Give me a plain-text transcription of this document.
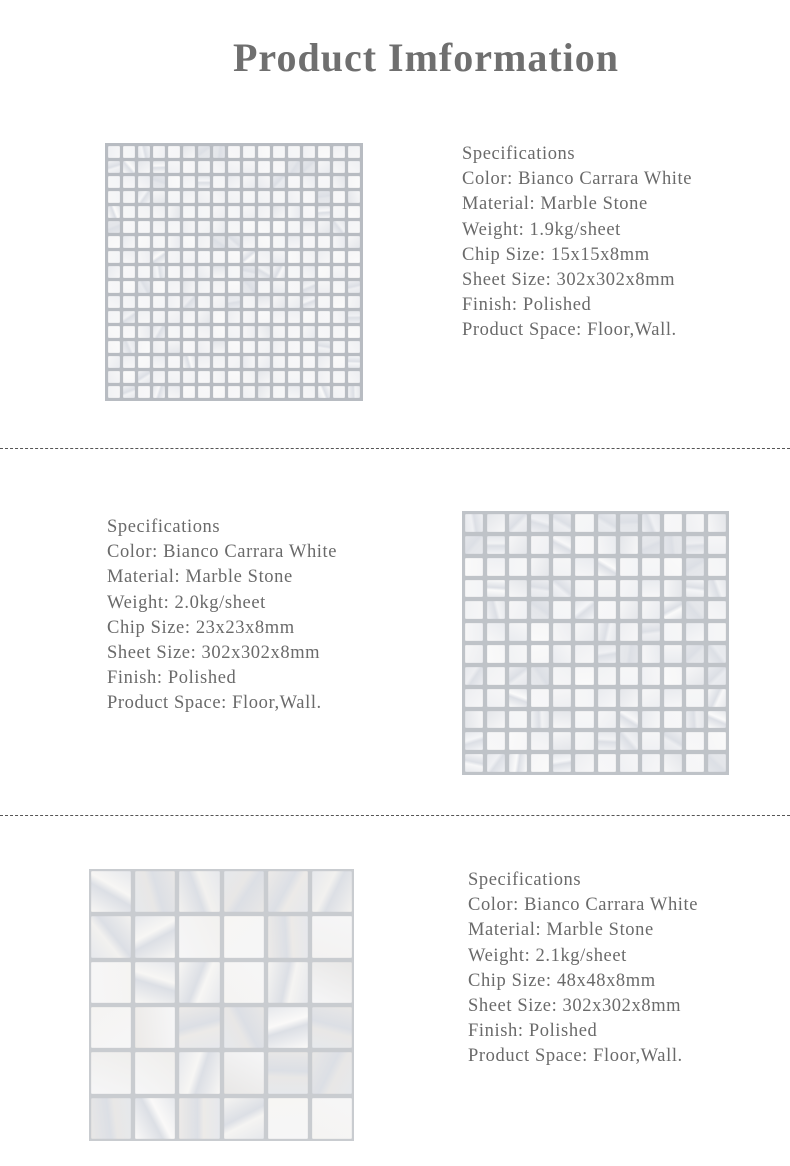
Product Imformation
Specifications
Color: Bianco Carrara White
Material: Marble Stone
Weight: 1.9kg/sheet
Chip Size: 15x15x8mm
Sheet Size: 302x302x8mm
Finish: Polished
Product Space: Floor,Wall.
Specifications
Color: Bianco Carrara White
Material: Marble Stone
Weight: 2.0kg/sheet
Chip Size: 23x23x8mm
Sheet Size: 302x302x8mm
Finish: Polished
Product Space: Floor,Wall.
Specifications
Color: Bianco Carrara White
Material: Marble Stone
Weight: 2.1kg/sheet
Chip Size: 48x48x8mm
Sheet Size: 302x302x8mm
Finish: Polished
Product Space: Floor,Wall.
